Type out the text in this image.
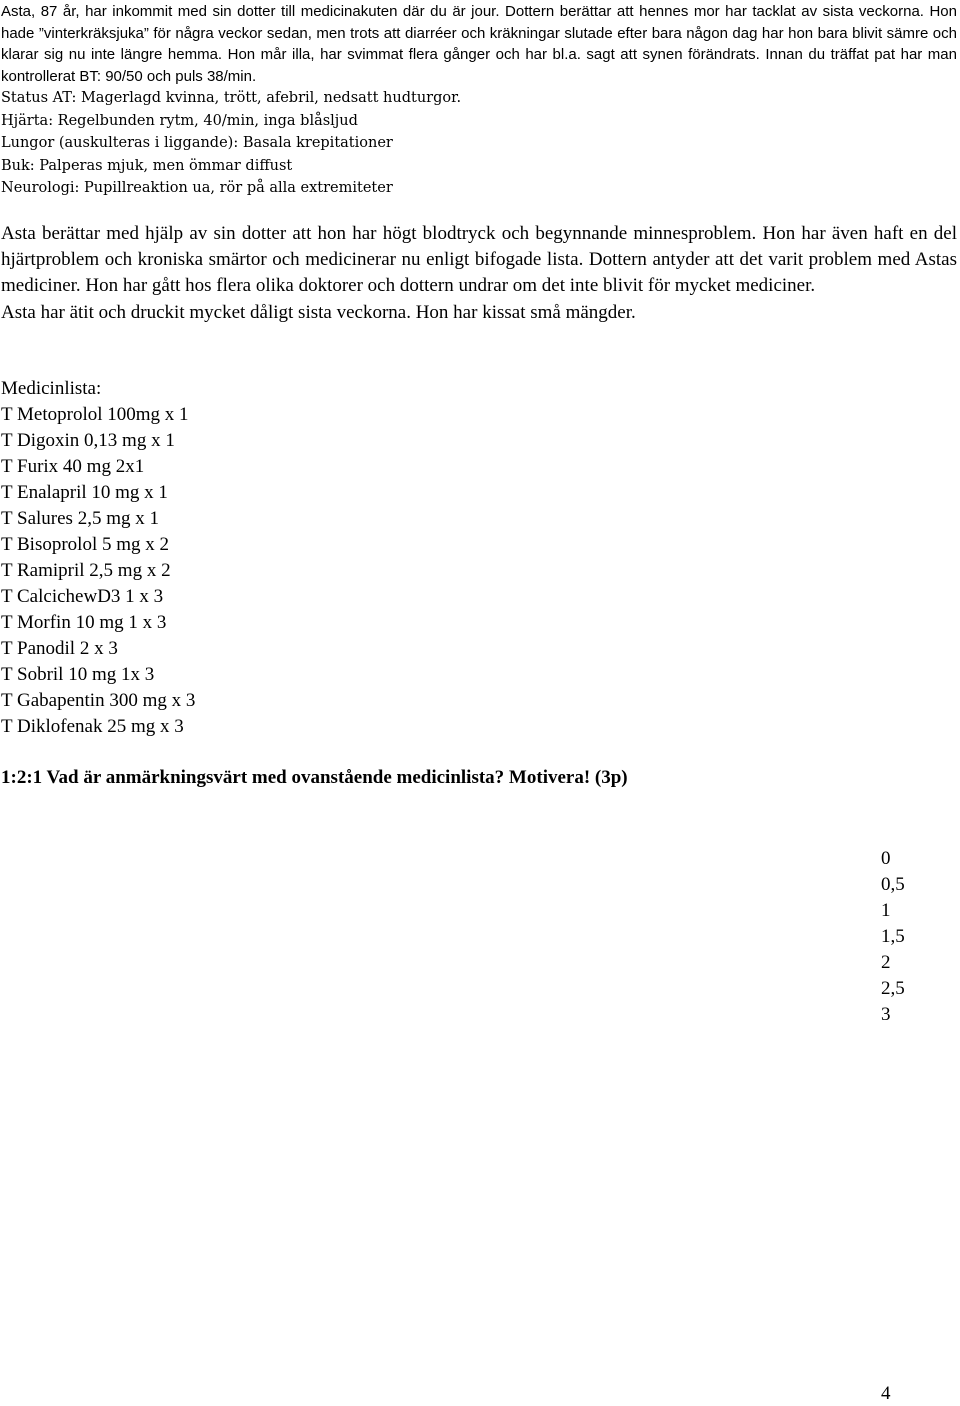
Asta, 87 år, har inkommit med sin dotter till medicinakuten där du är jour. Dottern berättar att hennes mor har tacklat av sista veckorna. Hon hade ”vinterkräksjuka” för några veckor sedan, men trots att diarréer och kräkningar slutade efter bara någon dag har hon bara blivit sämre och klarar sig nu inte längre hemma. Hon mår illa, har svimmat flera gånger och har bl.a. sagt att synen förändrats. Innan du träffat pat har man kontrollerat BT: 90/50 och puls 38/min.
Status AT: Magerlagd kvinna, trött, afebril, nedsatt hudturgor.
Hjärta: Regelbunden rytm, 40/min, inga blåsljud
Lungor (auskulteras i liggande): Basala krepitationer
Buk: Palperas mjuk, men ömmar diffust
Neurologi: Pupillreaktion ua, rör på alla extremiteter

Asta berättar med hjälp av sin dotter att hon har högt blodtryck och begynnande minnesproblem. Hon har även haft en del hjärtproblem och kroniska smärtor och medicinerar nu enligt bifogade lista. Dottern antyder att det varit problem med Astas mediciner. Hon har gått hos flera olika doktorer och dottern undrar om det inte blivit för mycket mediciner.

Asta har ätit och druckit mycket dåligt sista veckorna. Hon har kissat små mängder.

Medicinlista:
T Metoprolol 100mg x 1
T Digoxin 0,13 mg x 1
T Furix 40 mg 2x1
T Enalapril 10 mg x 1
T Salures 2,5 mg x 1
T Bisoprolol 5 mg x 2
T Ramipril 2,5 mg x 2
T CalcichewD3 1 x 3
T Morfin 10 mg 1 x 3
T Panodil 2 x 3
T Sobril 10 mg 1x 3
T Gabapentin 300 mg x 3
T Diklofenak 25 mg x 3
1:2:1 Vad är anmärkningsvärt med ovanstående medicinlista? Motivera! (3p)
0
0,5
1
1,5
2
2,5
3
4
